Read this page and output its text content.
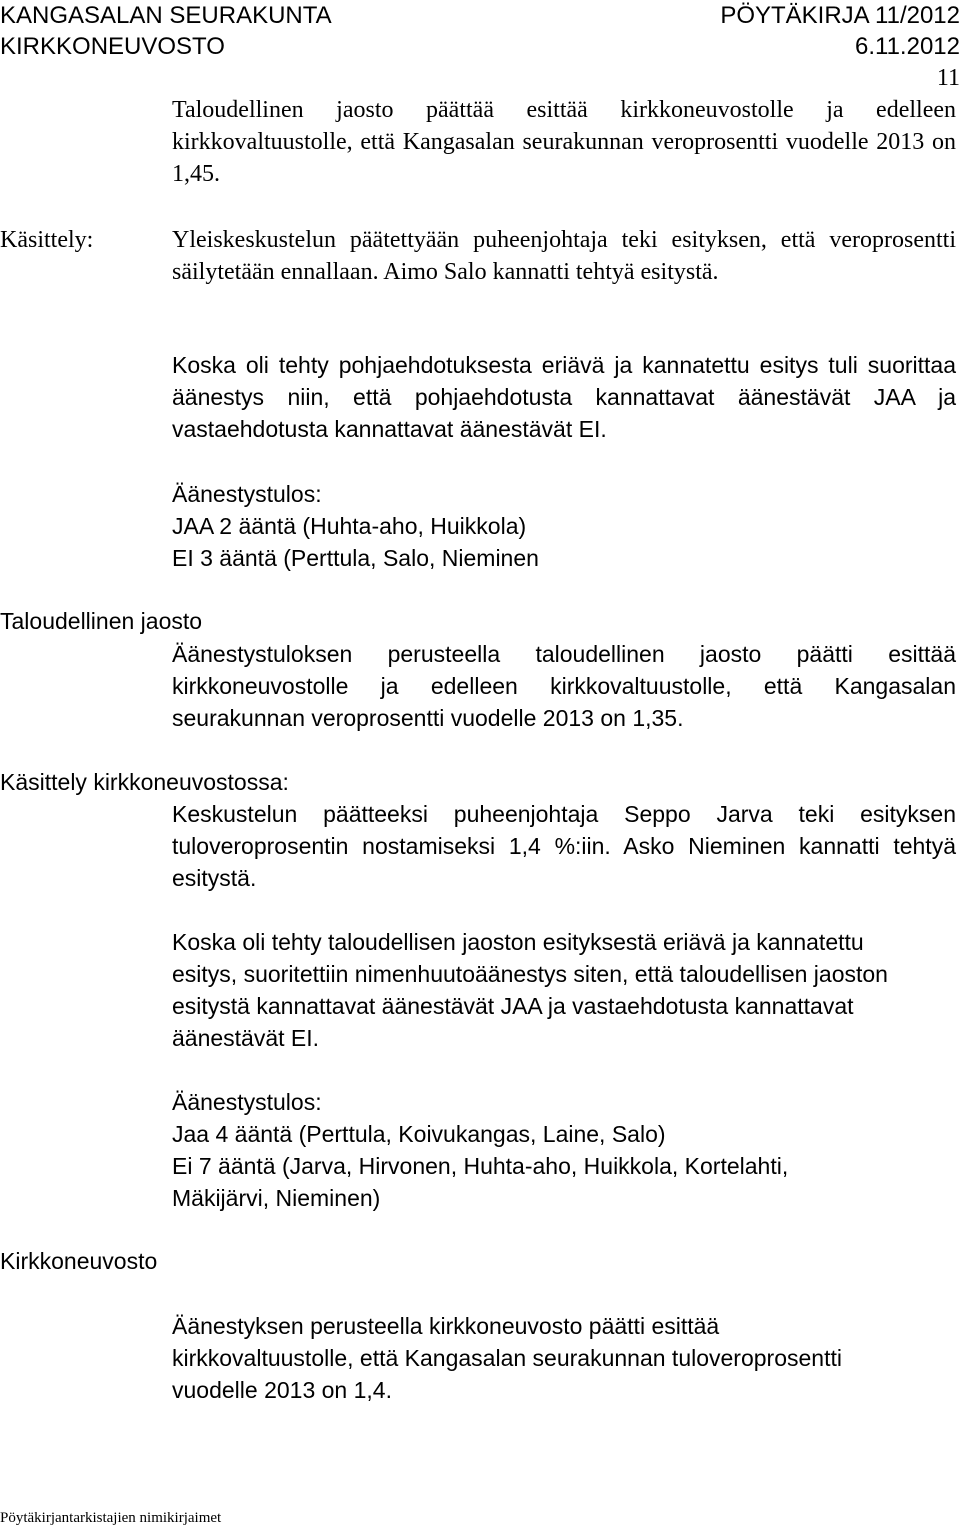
KANGASALAN SEURAKUNTA	PÖYTÄKIRJA 11/2012
KIRKKONEUVOSTO	6.11.2012
11
Taloudellinen jaosto päättää esittää kirkkoneuvostolle ja edelleen kirkkovaltuustolle, että Kangasalan seurakunnan veroprosentti vuodelle 2013 on 1,45.
Käsittely:	Yleiskeskustelun päätettyään puheenjohtaja teki esityksen, että veroprosentti säilytetään ennallaan. Aimo Salo kannatti tehtyä esitystä.
Koska oli tehty pohjaehdotuksesta eriävä ja kannatettu esitys tuli suorittaa äänestys niin, että pohjaehdotusta kannattavat äänestävät JAA ja vastaehdotusta kannattavat äänestävät EI.
Äänestystulos:
JAA 2 ääntä (Huhta-aho, Huikkola)
EI 3 ääntä (Perttula, Salo, Nieminen
Taloudellinen jaosto
Äänestystuloksen perusteella taloudellinen jaosto päätti esittää kirkkoneuvostolle ja edelleen kirkkovaltuustolle, että Kangasalan seurakunnan veroprosentti vuodelle 2013 on 1,35.
Käsittely kirkkoneuvostossa:
Keskustelun päätteeksi puheenjohtaja Seppo Jarva teki esityksen tuloveroprosentin nostamiseksi 1,4 %:iin. Asko Nieminen kannatti tehtyä esitystä.
Koska oli tehty taloudellisen jaoston esityksestä eriävä ja kannatettu
esitys, suoritettiin nimenhuutoäänestys siten, että taloudellisen jaoston
esitystä kannattavat äänestävät JAA ja vastaehdotusta kannattavat
äänestävät EI.
Äänestystulos:
Jaa 4 ääntä (Perttula, Koivukangas, Laine, Salo)
Ei 7 ääntä (Jarva, Hirvonen, Huhta-aho, Huikkola, Kortelahti,
Mäkijärvi, Nieminen)
Kirkkoneuvosto
Äänestyksen perusteella kirkkoneuvosto päätti esittää
kirkkovaltuustolle, että Kangasalan seurakunnan tuloveroprosentti
vuodelle 2013 on 1,4.
Pöytäkirjantarkistajien nimikirjaimet
